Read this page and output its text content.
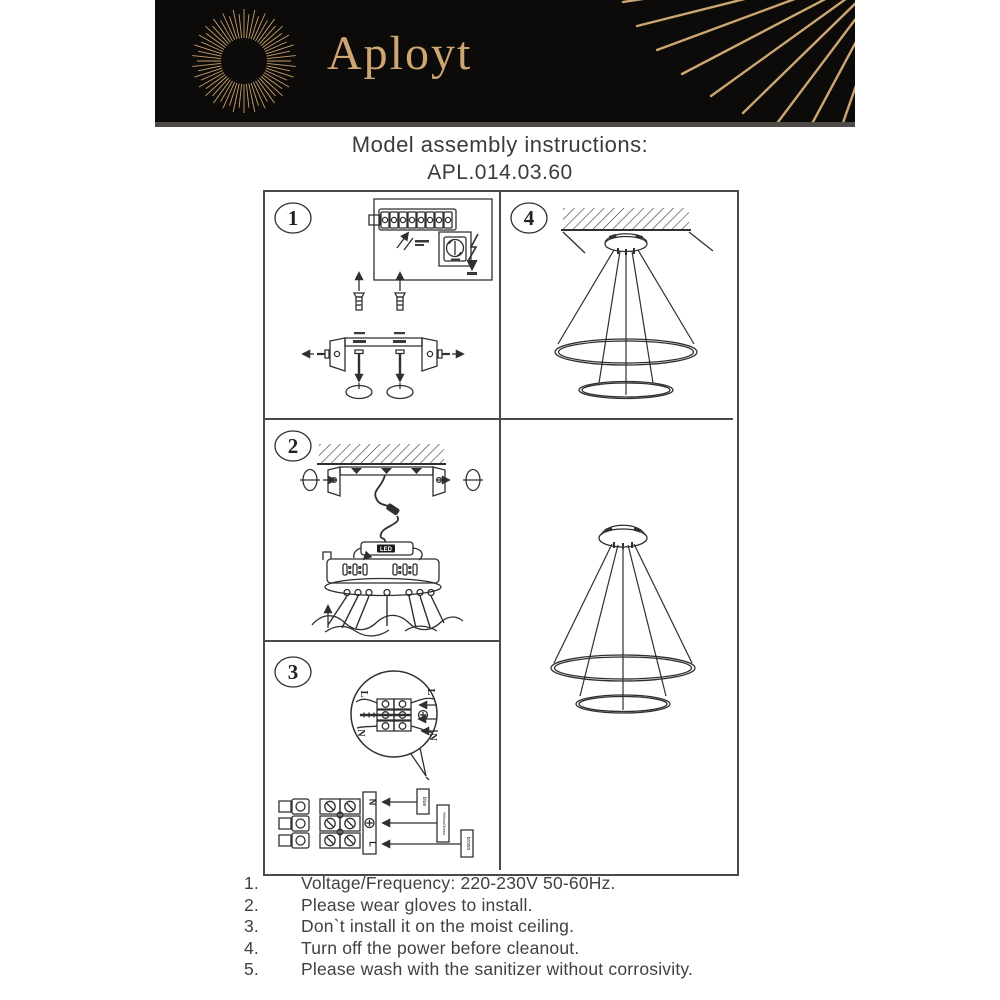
Aployt
Model assembly instructions:
APL.014.03.60
1	4
2
LED
3
L	L
N
N
N
L
blue
Yellow/Green
brown
1.	Voltage/Frequency: 220-230V 50-60Hz.
2.	Please wear gloves to install.
3.	Don`t install it on the moist ceiling.
4.	Turn off the power before cleanout.
5.	Please wash with the sanitizer without corrosivity.
